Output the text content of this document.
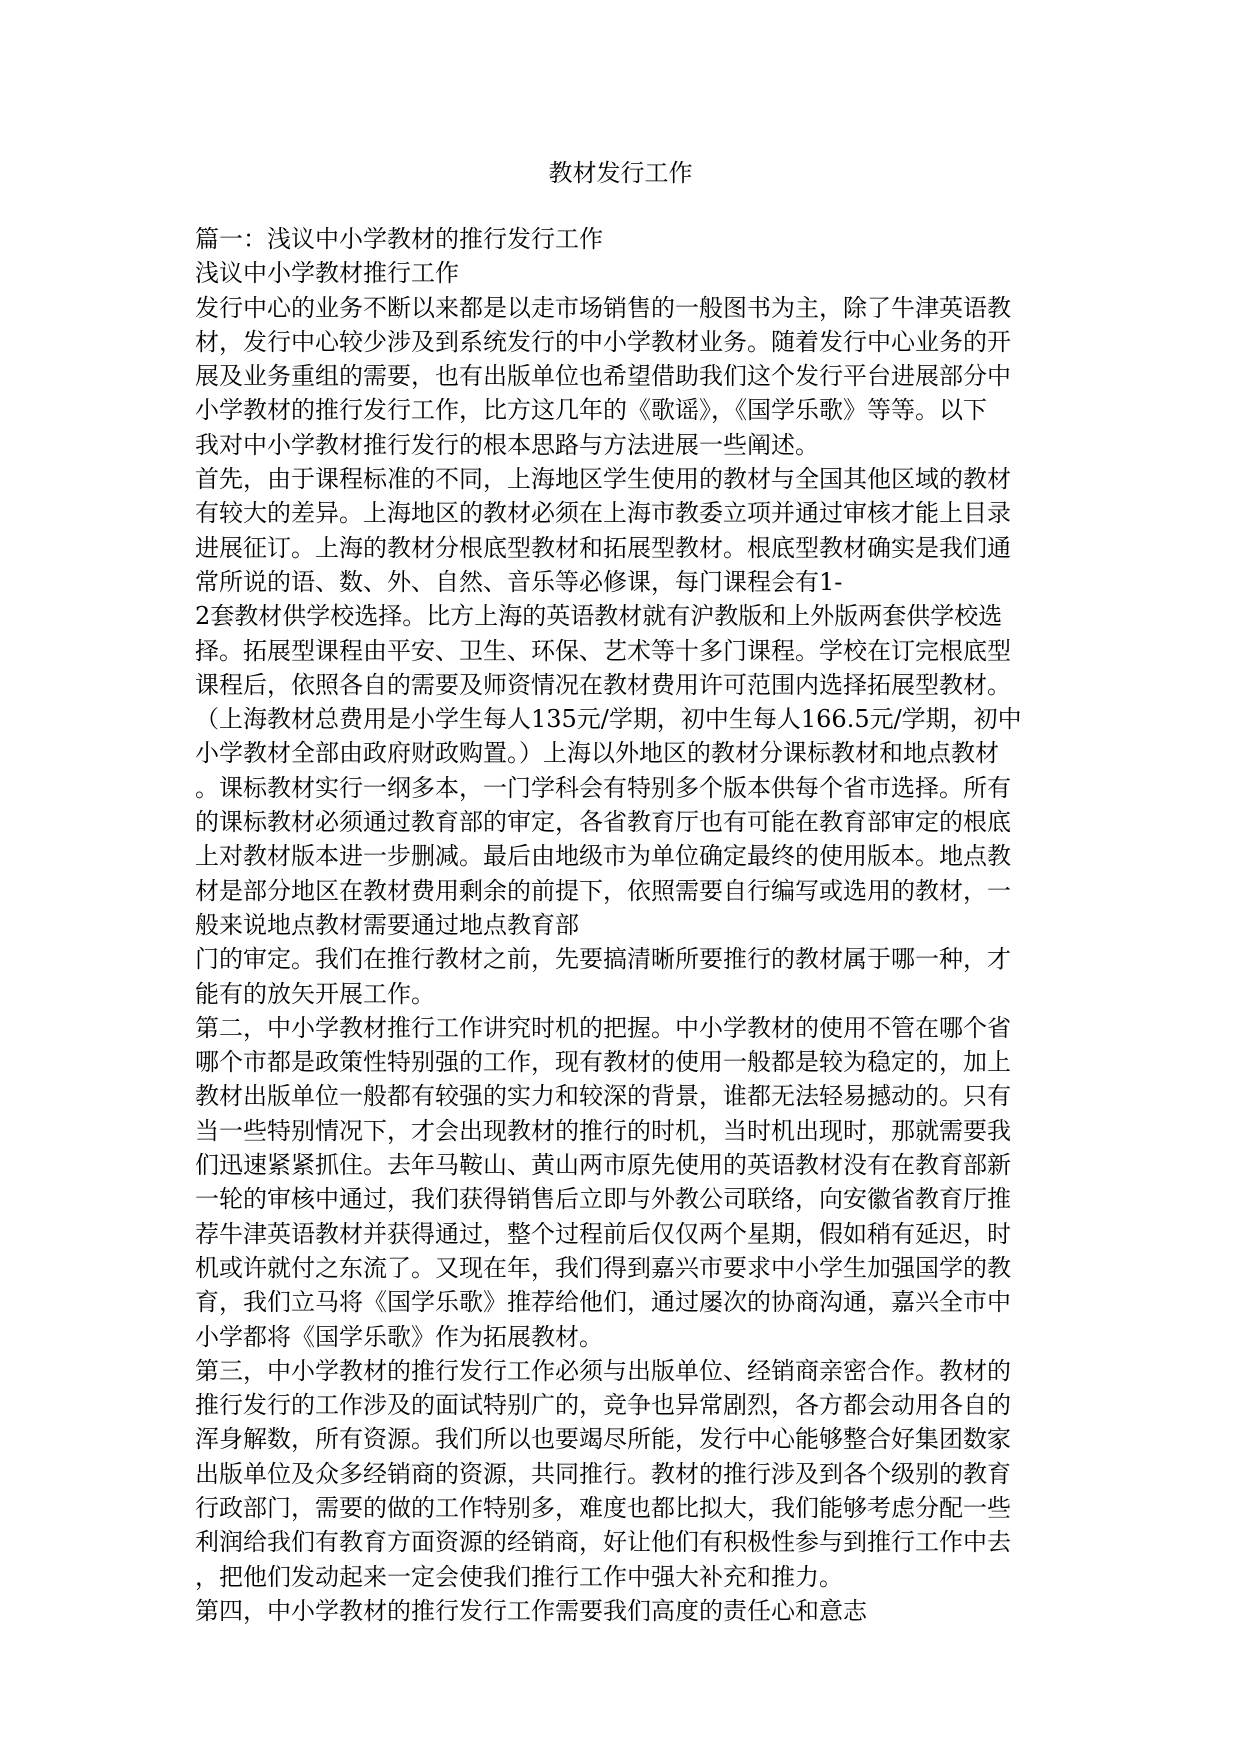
教材发行工作
篇一：浅议中小学教材的推行发行工作
浅议中小学教材推行工作
发行中心的业务不断以来都是以走市场销售的一般图书为主，除了牛津英语教
材，发行中心较少涉及到系统发行的中小学教材业务。随着发行中心业务的开
展及业务重组的需要，也有出版单位也希望借助我们这个发行平台进展部分中
小学教材的推行发行工作，比方这几年的《歌谣》，《国学乐歌》等等。以下
我对中小学教材推行发行的根本思路与方法进展一些阐述。
首先，由于课程标准的不同，上海地区学生使用的教材与全国其他区域的教材
有较大的差异。上海地区的教材必须在上海市教委立项并通过审核才能上目录
进展征订。上海的教材分根底型教材和拓展型教材。根底型教材确实是我们通
常所说的语、数、外、自然、音乐等必修课，每门课程会有1-
2套教材供学校选择。比方上海的英语教材就有沪教版和上外版两套供学校选
择。拓展型课程由平安、卫生、环保、艺术等十多门课程。学校在订完根底型
课程后，依照各自的需要及师资情况在教材费用许可范围内选择拓展型教材。
（上海教材总费用是小学生每人135元/学期，初中生每人166.5元/学期，初中
小学教材全部由政府财政购置。）上海以外地区的教材分课标教材和地点教材
。课标教材实行一纲多本，一门学科会有特别多个版本供每个省市选择。所有
的课标教材必须通过教育部的审定，各省教育厅也有可能在教育部审定的根底
上对教材版本进一步删减。最后由地级市为单位确定最终的使用版本。地点教
材是部分地区在教材费用剩余的前提下，依照需要自行编写或选用的教材，一
般来说地点教材需要通过地点教育部
门的审定。我们在推行教材之前，先要搞清晰所要推行的教材属于哪一种，才
能有的放矢开展工作。
第二，中小学教材推行工作讲究时机的把握。中小学教材的使用不管在哪个省
哪个市都是政策性特别强的工作，现有教材的使用一般都是较为稳定的，加上
教材出版单位一般都有较强的实力和较深的背景，谁都无法轻易撼动的。只有
当一些特别情况下，才会出现教材的推行的时机，当时机出现时，那就需要我
们迅速紧紧抓住。去年马鞍山、黄山两市原先使用的英语教材没有在教育部新
一轮的审核中通过，我们获得销售后立即与外教公司联络，向安徽省教育厅推
荐牛津英语教材并获得通过，整个过程前后仅仅两个星期，假如稍有延迟，时
机或许就付之东流了。又现在年，我们得到嘉兴市要求中小学生加强国学的教
育，我们立马将《国学乐歌》推荐给他们，通过屡次的协商沟通，嘉兴全市中
小学都将《国学乐歌》作为拓展教材。
第三，中小学教材的推行发行工作必须与出版单位、经销商亲密合作。教材的
推行发行的工作涉及的面试特别广的，竞争也异常剧烈，各方都会动用各自的
浑身解数，所有资源。我们所以也要竭尽所能，发行中心能够整合好集团数家
出版单位及众多经销商的资源，共同推行。教材的推行涉及到各个级别的教育
行政部门，需要的做的工作特别多，难度也都比拟大，我们能够考虑分配一些
利润给我们有教育方面资源的经销商，好让他们有积极性参与到推行工作中去
，把他们发动起来一定会使我们推行工作中强大补充和推力。
第四，中小学教材的推行发行工作需要我们高度的责任心和意志
